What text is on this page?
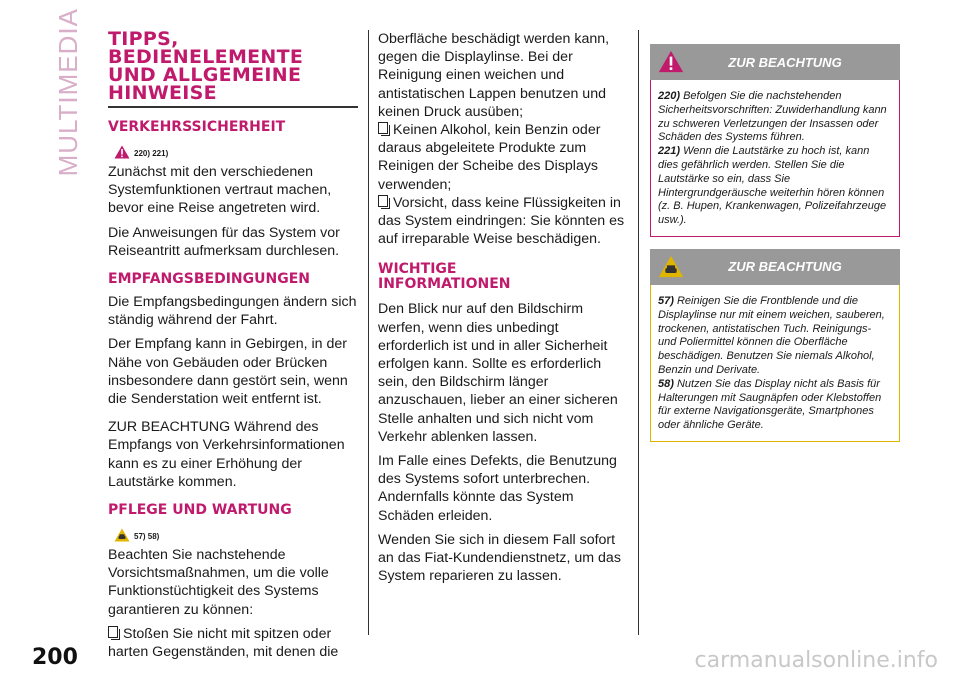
MULTIMEDIA TIPPS,
BEDIENELEMENTE
UND ALLGEMEINE
HINWEISE
VERKEHRSSICHERHEIT
220) 221)

Zunächst mit den verschiedenen Systemfunktionen vertraut machen, bevor eine Reise angetreten wird.

Die Anweisungen für das System vor Reiseantritt aufmerksam durchlesen.

EMPFANGSBEDINGUNGEN

Die Empfangsbedingungen ändern sich ständig während der Fahrt.

Der Empfang kann in Gebirgen, in der Nähe von Gebäuden oder Brücken insbesondere dann gestört sein, wenn die Senderstation weit entfernt ist.

ZUR BEACHTUNG Während des Empfangs von Verkehrsinformationen kann es zu einer Erhöhung der Lautstärke kommen.

PFLEGE UND WARTUNG
57) 58)

Beachten Sie nachstehende Vorsichtsmaßnahmen, um die volle Funktionstüchtigkeit des Systems garantieren zu können:

Stoßen Sie nicht mit spitzen oder harten Gegenständen, mit denen die

Oberfläche beschädigt werden kann, gegen die Displaylinse. Bei der Reinigung einen weichen und antistatischen Lappen benutzen und keinen Druck ausüben;

Keinen Alkohol, kein Benzin oder daraus abgeleitete Produkte zum Reinigen der Scheibe des Displays verwenden;

Vorsicht, dass keine Flüssigkeiten in das System eindringen: Sie könnten es auf irreparable Weise beschädigen.

WICHTIGE
INFORMATIONEN

Den Blick nur auf den Bildschirm werfen, wenn dies unbedingt erforderlich ist und in aller Sicherheit erfolgen kann. Sollte es erforderlich sein, den Bildschirm länger anzuschauen, lieber an einer sicheren Stelle anhalten und sich nicht vom Verkehr ablenken lassen.

Im Falle eines Defekts, die Benutzung des Systems sofort unterbrechen. Andernfalls könnte das System Schäden erleiden.

Wenden Sie sich in diesem Fall sofort an das Fiat-Kundendienstnetz, um das System reparieren zu lassen.

ZUR BEACHTUNG
220) Befolgen Sie die nachstehenden Sicherheitsvorschriften: Zuwiderhandlung kann zu schweren Verletzungen der Insassen oder Schäden des Systems führen.
221) Wenn die Lautstärke zu hoch ist, kann dies gefährlich werden. Stellen Sie die Lautstärke so ein, dass Sie Hintergrundgeräusche weiterhin hören können (z. B. Hupen, Krankenwagen, Polizeifahrzeuge usw.).
ZUR BEACHTUNG
57) Reinigen Sie die Frontblende und die Displaylinse nur mit einem weichen, sauberen, trockenen, antistatischen Tuch. Reinigungs- und Poliermittel können die Oberfläche beschädigen. Benutzen Sie niemals Alkohol, Benzin und Derivate.
58) Nutzen Sie das Display nicht als Basis für Halterungen mit Saugnäpfen oder Klebstoffen für externe Navigationsgeräte, Smartphones oder ähnliche Geräte.
200	carmanualsonline.info
